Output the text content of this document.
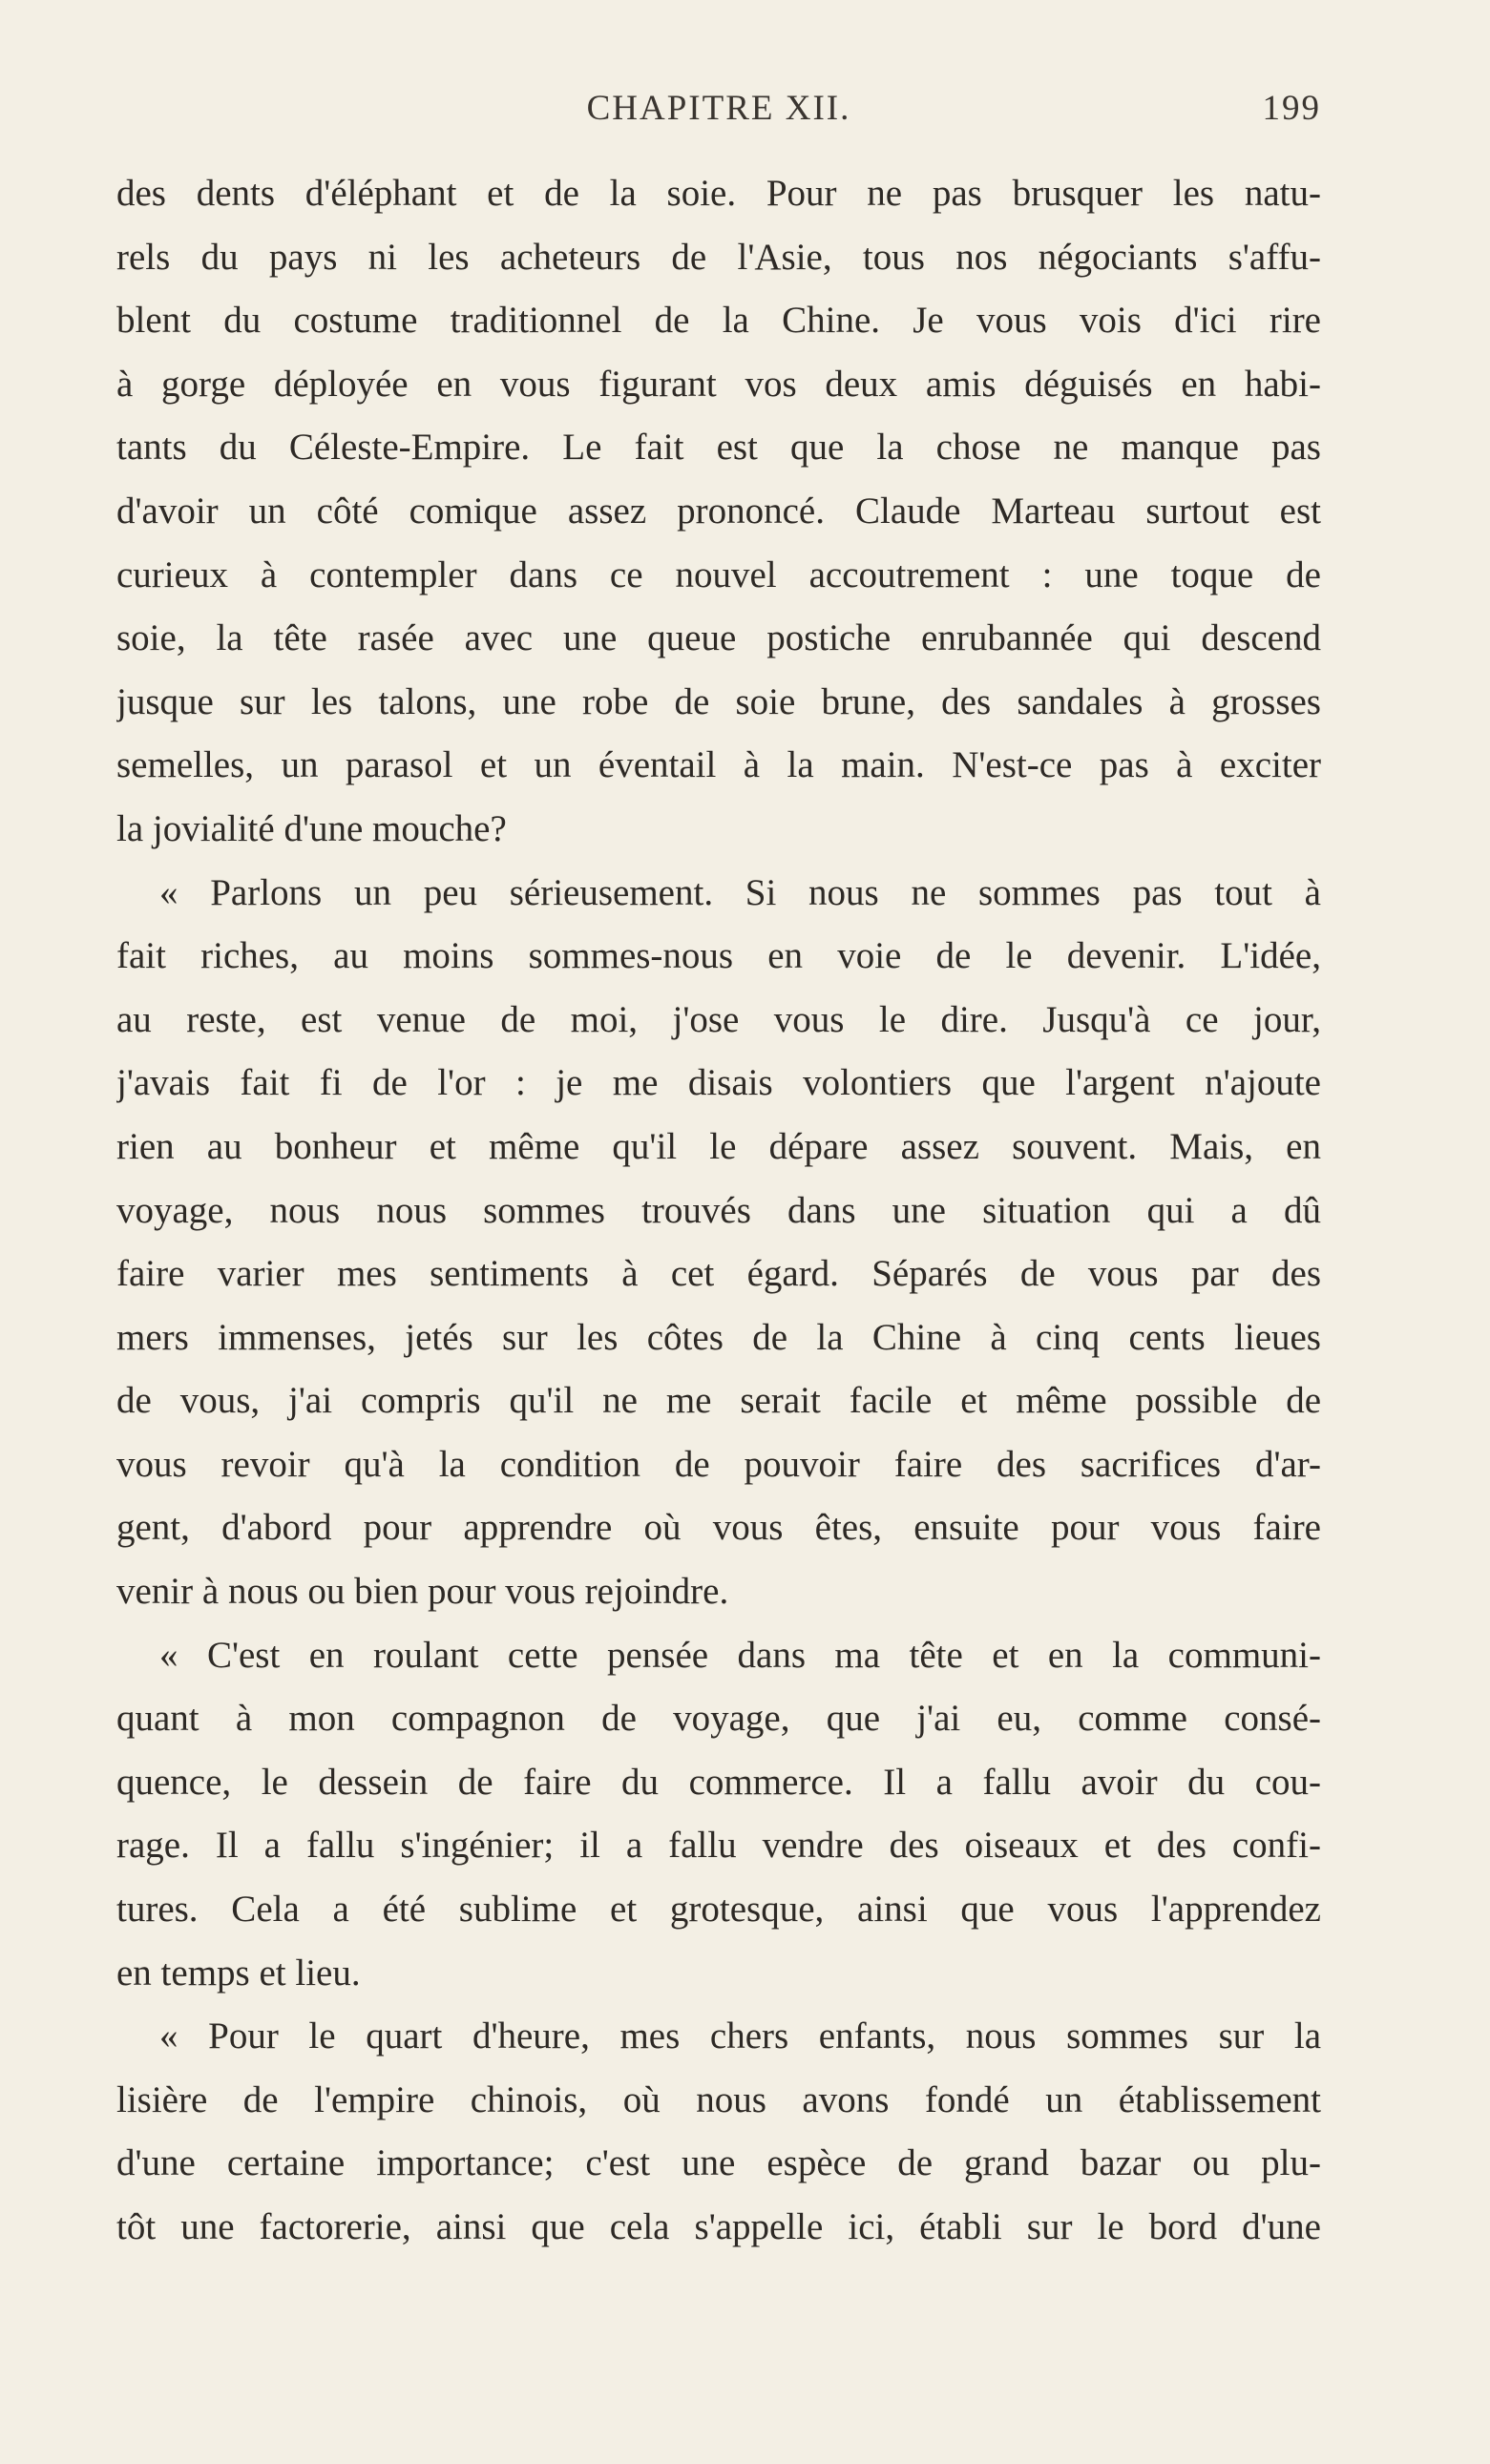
CHAPITRE XII.	199
des dents d'éléphant et de la soie. Pour ne pas brusquer les natu-
rels du pays ni les acheteurs de l'Asie, tous nos négociants s'affu-
blent du costume traditionnel de la Chine. Je vous vois d'ici rire
à gorge déployée en vous figurant vos deux amis déguisés en habi-
tants du Céleste-Empire. Le fait est que la chose ne manque pas
d'avoir un côté comique assez prononcé. Claude Marteau surtout est
curieux à contempler dans ce nouvel accoutrement : une toque de
soie, la tête rasée avec une queue postiche enrubannée qui descend
jusque sur les talons, une robe de soie brune, des sandales à grosses
semelles, un parasol et un éventail à la main. N'est-ce pas à exciter
la jovialité d'une mouche?
« Parlons un peu sérieusement. Si nous ne sommes pas tout à
fait riches, au moins sommes-nous en voie de le devenir. L'idée,
au reste, est venue de moi, j'ose vous le dire. Jusqu'à ce jour,
j'avais fait fi de l'or : je me disais volontiers que l'argent n'ajoute
rien au bonheur et même qu'il le dépare assez souvent. Mais, en
voyage, nous nous sommes trouvés dans une situation qui a dû
faire varier mes sentiments à cet égard. Séparés de vous par des
mers immenses, jetés sur les côtes de la Chine à cinq cents lieues
de vous, j'ai compris qu'il ne me serait facile et même possible de
vous revoir qu'à la condition de pouvoir faire des sacrifices d'ar-
gent, d'abord pour apprendre où vous êtes, ensuite pour vous faire
venir à nous ou bien pour vous rejoindre.
« C'est en roulant cette pensée dans ma tête et en la communi-
quant à mon compagnon de voyage, que j'ai eu, comme consé-
quence, le dessein de faire du commerce. Il a fallu avoir du cou-
rage. Il a fallu s'ingénier; il a fallu vendre des oiseaux et des confi-
tures. Cela a été sublime et grotesque, ainsi que vous l'apprendez
en temps et lieu.
« Pour le quart d'heure, mes chers enfants, nous sommes sur la
lisière de l'empire chinois, où nous avons fondé un établissement
d'une certaine importance; c'est une espèce de grand bazar ou plu-
tôt une factorerie, ainsi que cela s'appelle ici, établi sur le bord d'une
